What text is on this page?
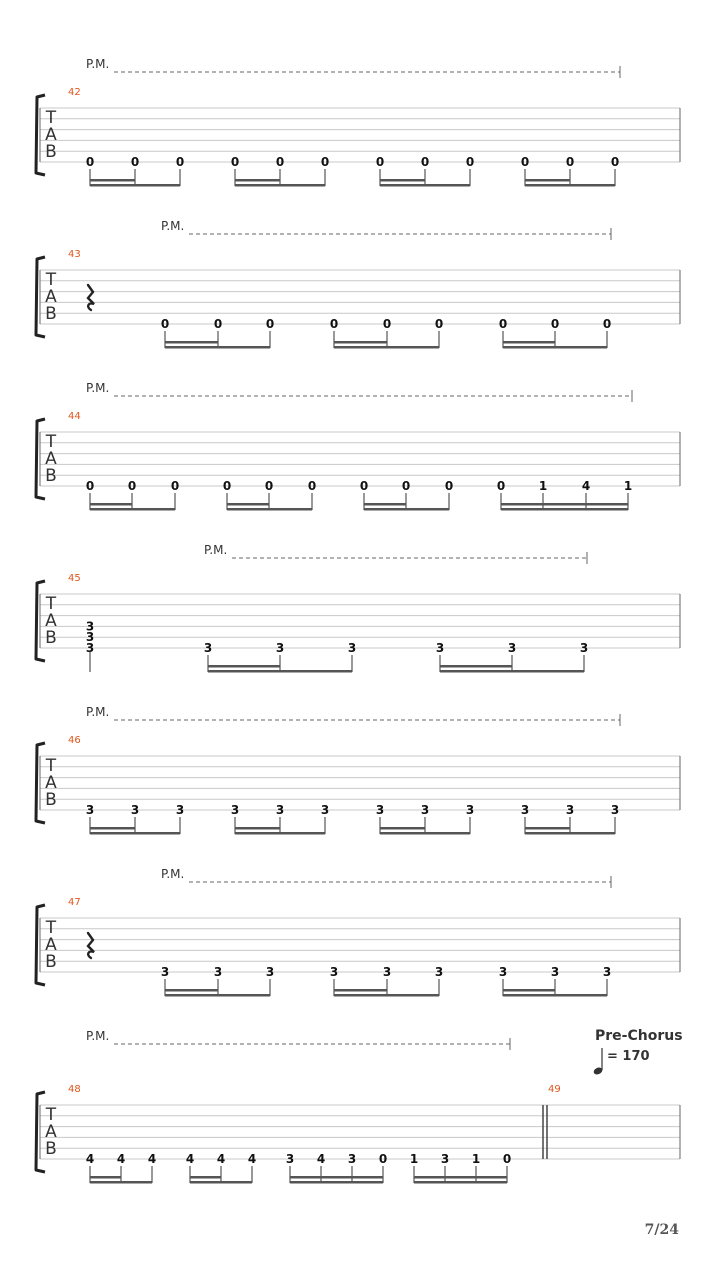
P.M.
T
A
B
42
0	0	0	0	0	0	0	0	0	0	0	0
P.M.
T
A
B
43
0	0	0	0	0	0	0	0	0
P.M.
T
A
B
44
0	0	0	0	0	0	0	0	0	0	1	4	1
P.M.
T
A
B
45
3
3
3	3	3	3	3	3	3
P.M.
T
A
B
46
3	3	3	3	3	3	3	3	3	3	3	3
P.M.
T
A
B
47
3	3	3	3	3	3	3	3	3
P.M.
T
A
B
48
4 4 4 4 4 4 3 4 3 0 1 3 1 0
49
Pre-Chorus
= 170
7/24
